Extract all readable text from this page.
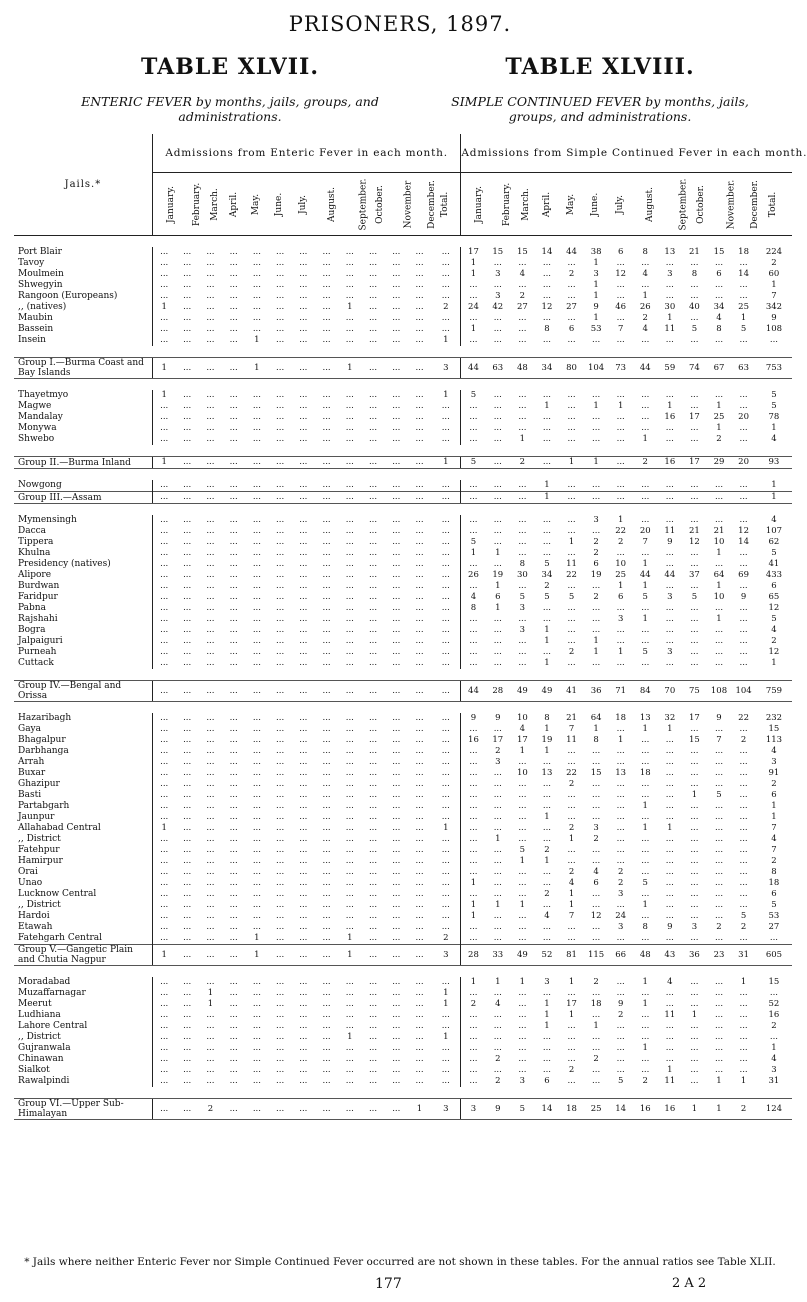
PRISONERS, 1897.
TABLE XLVII.	TABLE XLVIII.
ENTERIC FEVER by months, jails, groups, and
administrations.
SIMPLE CONTINUED FEVER by months, jails,
groups, and administrations.
Jails.*	Admissions from Enteric Fever in each month.													Admissions from Simple Continued Fever in each month.												
	January.	February.	March.	April.	May.	June.	July.	August.	September.	October.	November	December.	Total.	January.	February.	March.	April.	May.	June.	July.	August.	September.	October.	November.	December.	Total.

Port Blair	...	...	...	...	...	...	...	...	...	...	...	...	...	17	15	15	14	44	38	6	8	13	21	15	18	224
Tavoy	...	...	...	...	...	...	...	...	...	...	...	...	...	1	...	...	...	...	1	...	...	...	...	...	...	2
Moulmein	...	...	...	...	...	...	...	...	...	...	...	...	...	1	3	4	...	2	3	12	4	3	8	6	14	60
Shwegyin	...	...	...	...	...	...	...	...	...	...	...	...	...	...	...	...	...	...	1	...	...	...	...	...	...	1
Rangoon (Europeans)	...	...	...	...	...	...	...	...	...	...	...	...	...	...	3	2	...	...	1	...	1	...	...	...	...	7
,, (natives)	1	...	...	...	...	...	...	...	1	...	...	...	2	24	42	27	12	27	9	46	26	30	40	34	25	342
Maubin	...	...	...	...	...	...	...	...	...	...	...	...	...	...	...	...	...	...	1	...	2	1	...	4	1	9
Bassein	...	...	...	...	...	...	...	...	...	...	...	...	...	1	...	...	8	6	53	7	4	11	5	8	5	108
Insein	...	...	...	...	1	...	...	...	...	...	...	...	1	...	...	...	...	...	...	...	...	...	...	...	...	...

Group I.—Burma Coast and Bay Islands	1	...	...	...	1	...	...	...	1	...	...	...	3	44	63	48	34	80	104	73	44	59	74	67	63	753

Thayetmyo	1	...	...	...	...	...	...	...	...	...	...	...	1	5	...	...	...	...	...	...	...	...	...	...	...	5
Magwe	...	...	...	...	...	...	...	...	...	...	...	...	...	...	...	...	1	...	1	1	...	1	...	1	...	5
Mandalay	...	...	...	...	...	...	...	...	...	...	...	...	...	...	...	...	...	...	...	...	...	16	17	25	20	78
Monywa	...	...	...	...	...	...	...	...	...	...	...	...	...	...	...	...	...	...	...	...	...	...	...	1	...	1
Shwebo	...	...	...	...	...	...	...	...	...	...	...	...	...	...	...	1	...	...	...	...	1	...	...	2	...	4

Group II.—Burma Inland	1	...	...	...	...	...	...	...	...	...	...	...	1	5	...	2	...	1	1	...	2	16	17	29	20	93

Nowgong	...	...	...	...	...	...	...	...	...	...	...	...	...	...	...	...	1	...	...	...	...	...	...	...	...	1
Group III.—Assam	...	...	...	...	...	...	...	...	...	...	...	...	...	...	...	...	1	...	...	...	...	...	...	...	...	1

Mymensingh	...	...	...	...	...	...	...	...	...	...	...	...	...	...	...	...	...	...	3	1	...	...	...	...	...	4
Dacca	...	...	...	...	...	...	...	...	...	...	...	...	...	...	...	...	...	...	...	22	20	11	21	21	12	107
Tippera	...	...	...	...	...	...	...	...	...	...	...	...	...	5	...	...	...	1	2	2	7	9	12	10	14	62
Khulna	...	...	...	...	...	...	...	...	...	...	...	...	...	1	1	...	...	...	2	...	...	...	...	1	...	5
Presidency (natives)	...	...	...	...	...	...	...	...	...	...	...	...	...	...	...	8	5	11	6	10	1	...	...	...	...	41
Alipore	...	...	...	...	...	...	...	...	...	...	...	...	...	26	19	30	34	22	19	25	44	44	37	64	69	433
Burdwan	...	...	...	...	...	...	...	...	...	...	...	...	...	...	1	...	2	...	...	1	1	...	...	1	...	6
Faridpur	...	...	...	...	...	...	...	...	...	...	...	...	...	4	6	5	5	5	2	6	5	3	5	10	9	65
Pabna	...	...	...	...	...	...	...	...	...	...	...	...	...	8	1	3	...	...	...	...	...	...	...	...	...	12
Rajshahi	...	...	...	...	...	...	...	...	...	...	...	...	...	...	...	...	...	...	...	3	1	...	...	1	...	5
Bogra	...	...	...	...	...	...	...	...	...	...	...	...	...	...	...	3	1	...	...	...	...	...	...	...	...	4
Jalpaiguri	...	...	...	...	...	...	...	...	...	...	...	...	...	...	...	...	1	...	1	...	...	...	...	...	...	2
Purneah	...	...	...	...	...	...	...	...	...	...	...	...	...	...	...	...	...	2	1	1	5	3	...	...	...	12
Cuttack	...	...	...	...	...	...	...	...	...	...	...	...	...	...	...	...	1	...	...	...	...	...	...	...	...	1

Group IV.—Bengal and Orissa	...	...	...	...	...	...	...	...	...	...	...	...	...	44	28	49	49	41	36	71	84	70	75	108	104	759

Hazaribagh	...	...	...	...	...	...	...	...	...	...	...	...	...	9	9	10	8	21	64	18	13	32	17	9	22	232
Gaya	...	...	...	...	...	...	...	...	...	...	...	...	...	...	...	4	1	7	1	...	1	1	...	...	...	15
Bhagalpur	...	...	...	...	...	...	...	...	...	...	...	...	...	16	17	17	19	11	8	1	...	...	15	7	2	113
Darbhanga	...	...	...	...	...	...	...	...	...	...	...	...	...	...	2	1	1	...	...	...	...	...	...	...	...	4
Arrah	...	...	...	...	...	...	...	...	...	...	...	...	...	...	3	...	...	...	...	...	...	...	...	...	...	3
Buxar	...	...	...	...	...	...	...	...	...	...	...	...	...	...	...	10	13	22	15	13	18	...	...	...	...	91
Ghazipur	...	...	...	...	...	...	...	...	...	...	...	...	...	...	...	...	...	2	...	...	...	...	...	...	...	2
Basti	...	...	...	...	...	...	...	...	...	...	...	...	...	...	...	...	...	...	...	...	...	...	1	5	...	6
Partabgarh	...	...	...	...	...	...	...	...	...	...	...	...	...	...	...	...	...	...	...	...	1	...	...	...	...	1
Jaunpur	...	...	...	...	...	...	...	...	...	...	...	...	...	...	...	...	1	...	...	...	...	...	...	...	...	1
Allahabad Central	1	...	...	...	...	...	...	...	...	...	...	...	1	...	...	...	...	2	3	...	1	1	...	...	...	7
,, District	...	...	...	...	...	...	...	...	...	...	...	...	...	...	1	...	...	1	2	...	...	...	...	...	...	4
Fatehpur	...	...	...	...	...	...	...	...	...	...	...	...	...	...	...	5	2	...	...	...	...	...	...	...	...	7
Hamirpur	...	...	...	...	...	...	...	...	...	...	...	...	...	...	...	1	1	...	...	...	...	...	...	...	...	2
Orai	...	...	...	...	...	...	...	...	...	...	...	...	...	...	...	...	...	2	4	2	...	...	...	...	...	8
Unao	...	...	...	...	...	...	...	...	...	...	...	...	...	1	...	...	...	4	6	2	5	...	...	...	...	18
Lucknow Central	...	...	...	...	...	...	...	...	...	...	...	...	...	...	...	...	2	1	...	3	...	...	...	...	...	6
,, District	...	...	...	...	...	...	...	...	...	...	...	...	...	1	1	1	...	1	...	...	1	...	...	...	...	5
Hardoi	...	...	...	...	...	...	...	...	...	...	...	...	...	1	...	...	4	7	12	24	...	...	...	...	5	53
Etawah	...	...	...	...	...	...	...	...	...	...	...	...	...	...	...	...	...	...	...	3	8	9	3	2	2	27
Fatehgarh Central	...	...	...	...	1	...	...	...	1	...	...	...	2	...	...	...	...	...	...	...	...	...	...	...	...	...
Group V.—Gangetic Plain and Chutia Nagpur	1	...	...	...	1	...	...	...	1	...	...	...	3	28	33	49	52	81	115	66	48	43	36	23	31	605

Moradabad	...	...	...	...	...	...	...	...	...	...	...	...	...	1	1	1	3	1	2	...	1	4	...	...	1	15
Muzaffarnagar	...	...	1	...	...	...	...	...	...	...	...	...	1	...	...	...	...	...	...	...	...	...	...	...	...	...
Meerut	...	...	1	...	...	...	...	...	...	...	...	...	1	2	4	...	1	17	18	9	1	...	...	...	...	52
Ludhiana	...	...	...	...	...	...	...	...	...	...	...	...	...	...	...	...	1	1	...	2	...	11	1	...	...	16
Lahore Central	...	...	...	...	...	...	...	...	...	...	...	...	...	...	...	...	1	...	1	...	...	...	...	...	...	2
,, District	...	...	...	...	...	...	...	...	1	...	...	...	1	...	...	...	...	...	...	...	...	...	...	...	...	...
Gujranwala	...	...	...	...	...	...	...	...	...	...	...	...	...	...	...	...	...	...	...	...	1	...	...	...	...	1
Chinawan	...	...	...	...	...	...	...	...	...	...	...	...	...	...	2	...	...	...	2	...	...	...	...	...	...	4
Sialkot	...	...	...	...	...	...	...	...	...	...	...	...	...	...	...	...	...	2	...	...	...	1	...	...	...	3
Rawalpindi	...	...	...	...	...	...	...	...	...	...	...	...	...	...	2	3	6	...	...	5	2	11	...	1	1	31

Group VI.—Upper Sub-Himalayan	...	...	2	...	...	...	...	...	...	...	...	1	3	3	9	5	14	18	25	14	16	16	1	1	2	124
* Jails where neither Enteric Fever nor Simple Continued Fever occurred are not shown in these tables. For the annual ratios see Table XLII.
177	2 A 2
